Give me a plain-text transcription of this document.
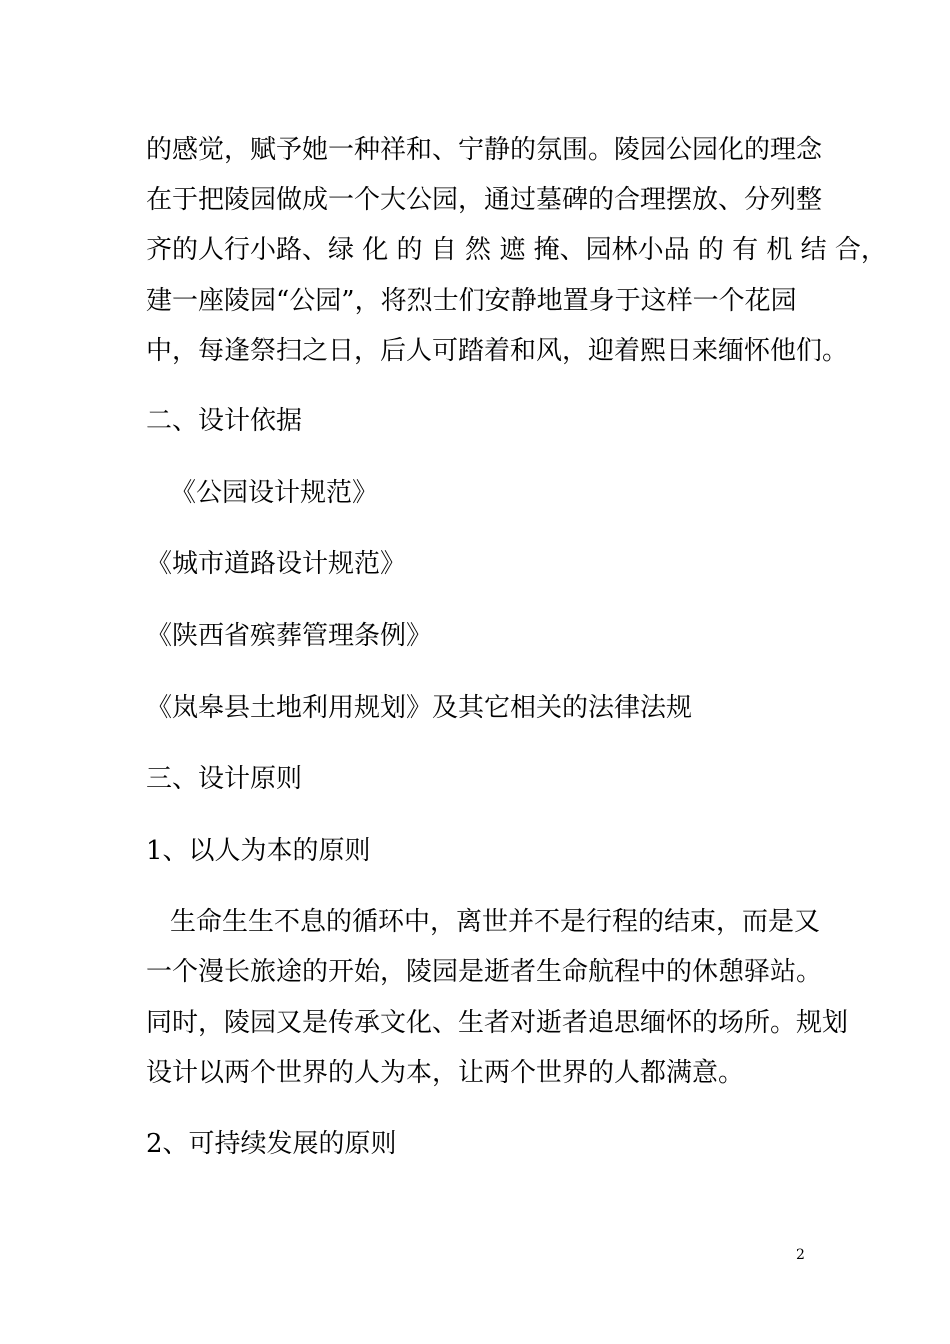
的感觉，赋予她一种祥和、宁静的氛围。陵园公园化的理念
在于把陵园做成一个大公园，通过墓碑的合理摆放、分列整
齐的人行小路、绿 化 的 自 然 遮 掩、园林小品 的 有 机 结 合，
建一座陵园“公园”，将烈士们安静地置身于这样一个花园
中，每逢祭扫之日，后人可踏着和风，迎着熙日来缅怀他们。
二、设计依据
《公园设计规范》
《城市道路设计规范》
《陕西省殡葬管理条例》
《岚皋县土地利用规划》及其它相关的法律法规
三、设计原则
1、以人为本的原则
生命生生不息的循环中，离世并不是行程的结束，而是又
一个漫长旅途的开始，陵园是逝者生命航程中的休憩驿站。
同时，陵园又是传承文化、生者对逝者追思缅怀的场所。规划
设计以两个世界的人为本，让两个世界的人都满意。
2、可持续发展的原则
2
